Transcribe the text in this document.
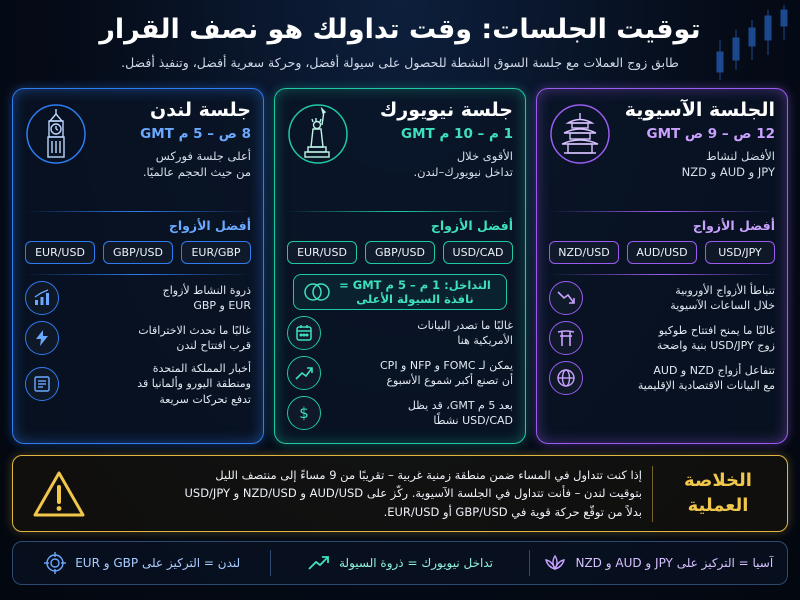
توقيت الجلسات: وقت تداولك هو نصف القرار
طابق زوج العملات مع جلسة السوق النشطة للحصول على سيولة أفضل، وحركة سعرية أفضل، وتنفيذ أفضل.
الجلسة الآسيوية
12 ص – 9 ص GMT
الأفضل لنشاط
JPY و AUD و NZD
أفضل الأزواج
USD/JPY
AUD/USD
NZD/USD
تتباطأ الأزواج الأوروبية
خلال الساعات الآسيوية
غالبًا ما يمنح افتتاح طوكيو
زوج USD/JPY بنية واضحة
تتفاعل أزواج NZD و AUD
مع البيانات الاقتصادية الإقليمية
جلسة نيويورك
1 م – 10 م GMT
الأقوى خلال
تداخل نيويورك–لندن.
أفضل الأزواج
USD/CAD
GBP/USD
EUR/USD
التداخل: 1 م – 5 م GMT =
نافذة السيولة الأعلى
غالبًا ما تصدر البيانات
الأمريكية هنا
يمكن لـ FOMC و NFP و CPI
أن تصنع أكبر شموع الأسبوع
بعد 5 م GMT، قد يظل
USD/CAD نشطًا
$
جلسة لندن
8 ص – 5 م GMT
أعلى جلسة فوركس
من حيث الحجم عالميًا.
أفضل الأزواج
EUR/GBP
GBP/USD
EUR/USD
ذروة النشاط لأزواج
EUR و GBP
غالبًا ما تحدث الاختراقات
قرب افتتاح لندن
أخبار المملكة المتحدة
ومنطقة اليورو وألمانيا قد
تدفع تحركات سريعة
الخلاصة
العملية
إذا كنت تتداول في المساء ضمن منطقة زمنية غربية – تقريبًا من 9 مساءً إلى منتصف الليل
بتوقيت لندن – فأنت تتداول في الجلسة الآسيوية. ركّز على AUD/USD و NZD/USD و USD/JPY
بدلاً من توقّع حركة قوية في GBP/USD أو EUR/USD.
آسيا = التركيز على JPY و AUD و NZD
تداخل نيويورك = ذروة السيولة
لندن = التركيز على GBP و EUR
